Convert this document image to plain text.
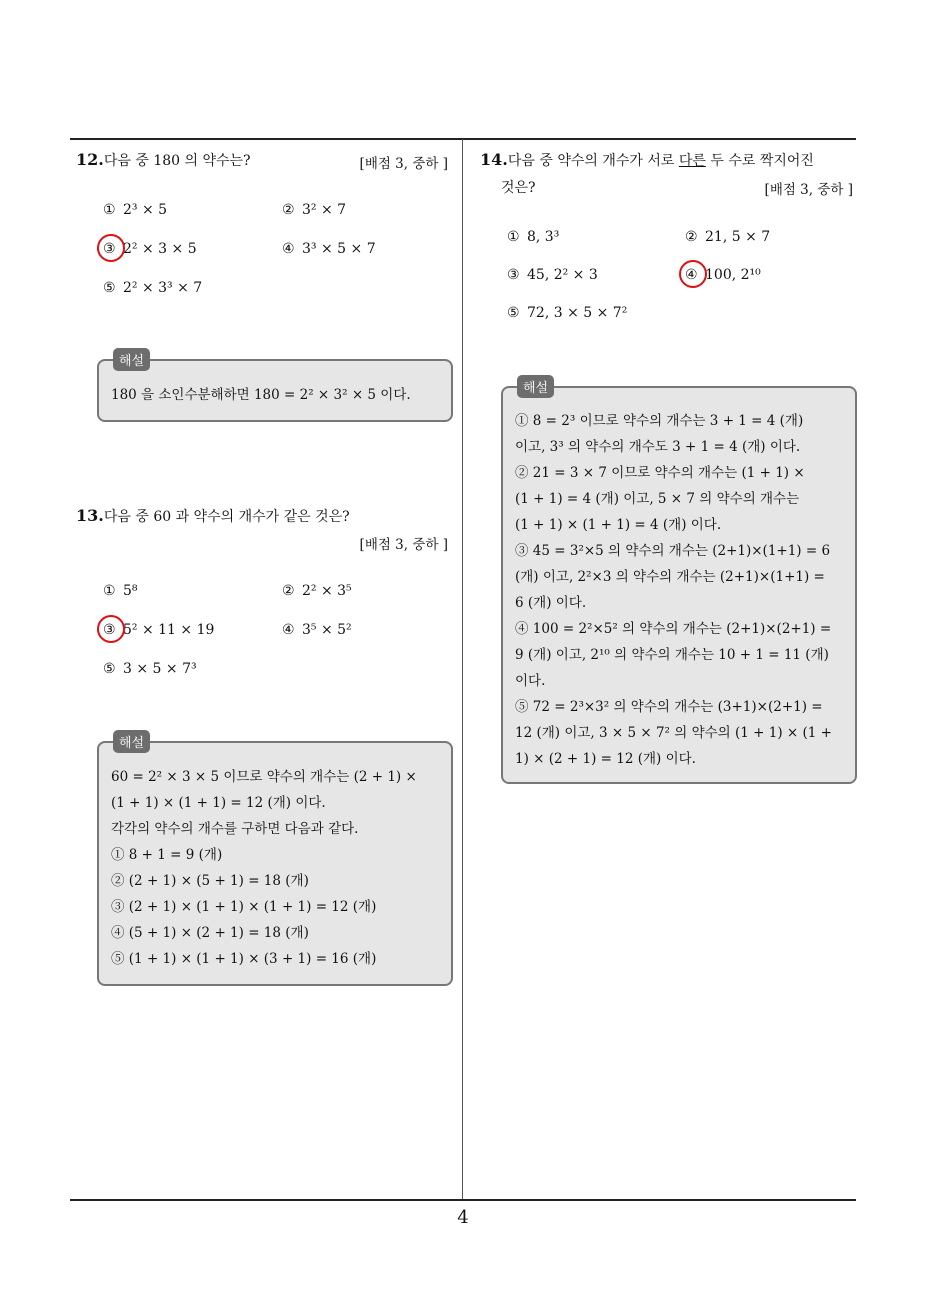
12.다음 중 180 의 약수는?	[배점 3, 중하 ]
① 2³ × 5	② 3² × 7
③ 2² × 3 × 5	④ 3³ × 5 × 7
⑤ 2² × 3³ × 7
해설
180 을 소인수분해하면 180 = 2² × 3² × 5 이다.
13.다음 중 60 과 약수의 개수가 같은 것은?
[배점 3, 중하 ]
① 5⁸	② 2² × 3⁵
③ 5² × 11 × 19	④ 3⁵ × 5²
⑤ 3 × 5 × 7³
해설
60 = 2² × 3 × 5 이므로 약수의 개수는 (2 + 1) ×
(1 + 1) × (1 + 1) = 12 (개) 이다.
각각의 약수의 개수를 구하면 다음과 같다.
① 8 + 1 = 9 (개)
② (2 + 1) × (5 + 1) = 18 (개)
③ (2 + 1) × (1 + 1) × (1 + 1) = 12 (개)
④ (5 + 1) × (2 + 1) = 18 (개)
⑤ (1 + 1) × (1 + 1) × (3 + 1) = 16 (개)
14.다음 중 약수의 개수가 서로 다른 두 수로 짝지어진
것은?	[배점 3, 중하 ]
① 8, 3³	② 21, 5 × 7
③ 45, 2² × 3	④ 100, 2¹⁰
⑤ 72, 3 × 5 × 7²
해설
① 8 = 2³ 이므로 약수의 개수는 3 + 1 = 4 (개)
이고, 3³ 의 약수의 개수도 3 + 1 = 4 (개) 이다.
② 21 = 3 × 7 이므로 약수의 개수는 (1 + 1) ×
(1 + 1) = 4 (개) 이고, 5 × 7 의 약수의 개수는
(1 + 1) × (1 + 1) = 4 (개) 이다.
③ 45 = 3²×5 의 약수의 개수는 (2+1)×(1+1) = 6
(개) 이고, 2²×3 의 약수의 개수는 (2+1)×(1+1) =
6 (개) 이다.
④ 100 = 2²×5² 의 약수의 개수는 (2+1)×(2+1) =
9 (개) 이고, 2¹⁰ 의 약수의 개수는 10 + 1 = 11 (개)
이다.
⑤ 72 = 2³×3² 의 약수의 개수는 (3+1)×(2+1) =
12 (개) 이고, 3 × 5 × 7² 의 약수의 (1 + 1) × (1 +
1) × (2 + 1) = 12 (개) 이다.
4
